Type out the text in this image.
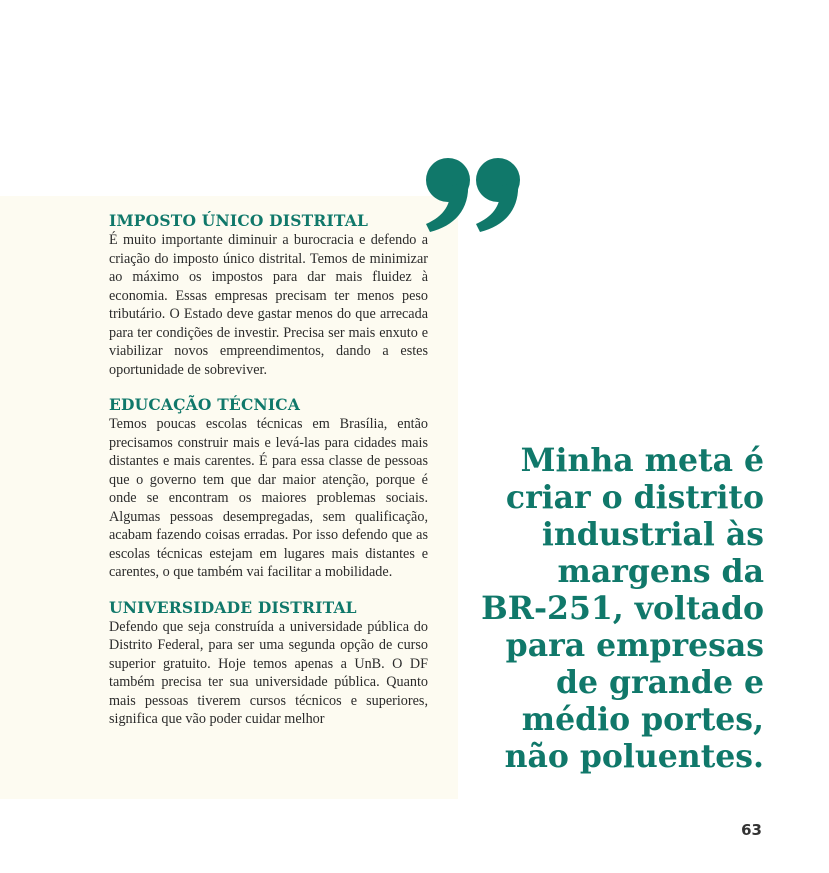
IMPOSTO ÚNICO DISTRITAL

É muito importante diminuir a burocracia e defendo a criação do imposto único distrital. Temos de minimizar ao máximo os impostos para dar mais fluidez à economia. Essas empresas precisam ter menos peso tributário. O Estado deve gastar menos do que arrecada para ter condições de investir. Precisa ser mais enxuto e viabilizar novos empreendimentos, dando a estes oportunidade de sobreviver.

EDUCAÇÃO TÉCNICA

Temos poucas escolas técnicas em Brasília, então precisamos construir mais e levá-las para cidades mais distantes e mais carentes. É para essa classe de pessoas que o governo tem que dar maior atenção, porque é onde se encontram os maiores problemas sociais. Algumas pessoas desempregadas, sem qualificação, acabam fazendo coisas erradas. Por isso defendo que as escolas técnicas estejam em lugares mais distantes e carentes, o que também vai facilitar a mobilidade.

UNIVERSIDADE DISTRITAL

Defendo que seja construída a universidade pública do Distrito Federal, para ser uma segunda opção de curso superior gratuito. Hoje temos apenas a UnB. O DF também precisa ter sua universidade pública. Quanto mais pessoas tiverem cursos técnicos e superiores, significa que vão poder cuidar melhor

Minha meta é
criar o distrito
industrial às
margens da
BR-251, voltado
para empresas
de grande e
médio portes,
não poluentes.

63
